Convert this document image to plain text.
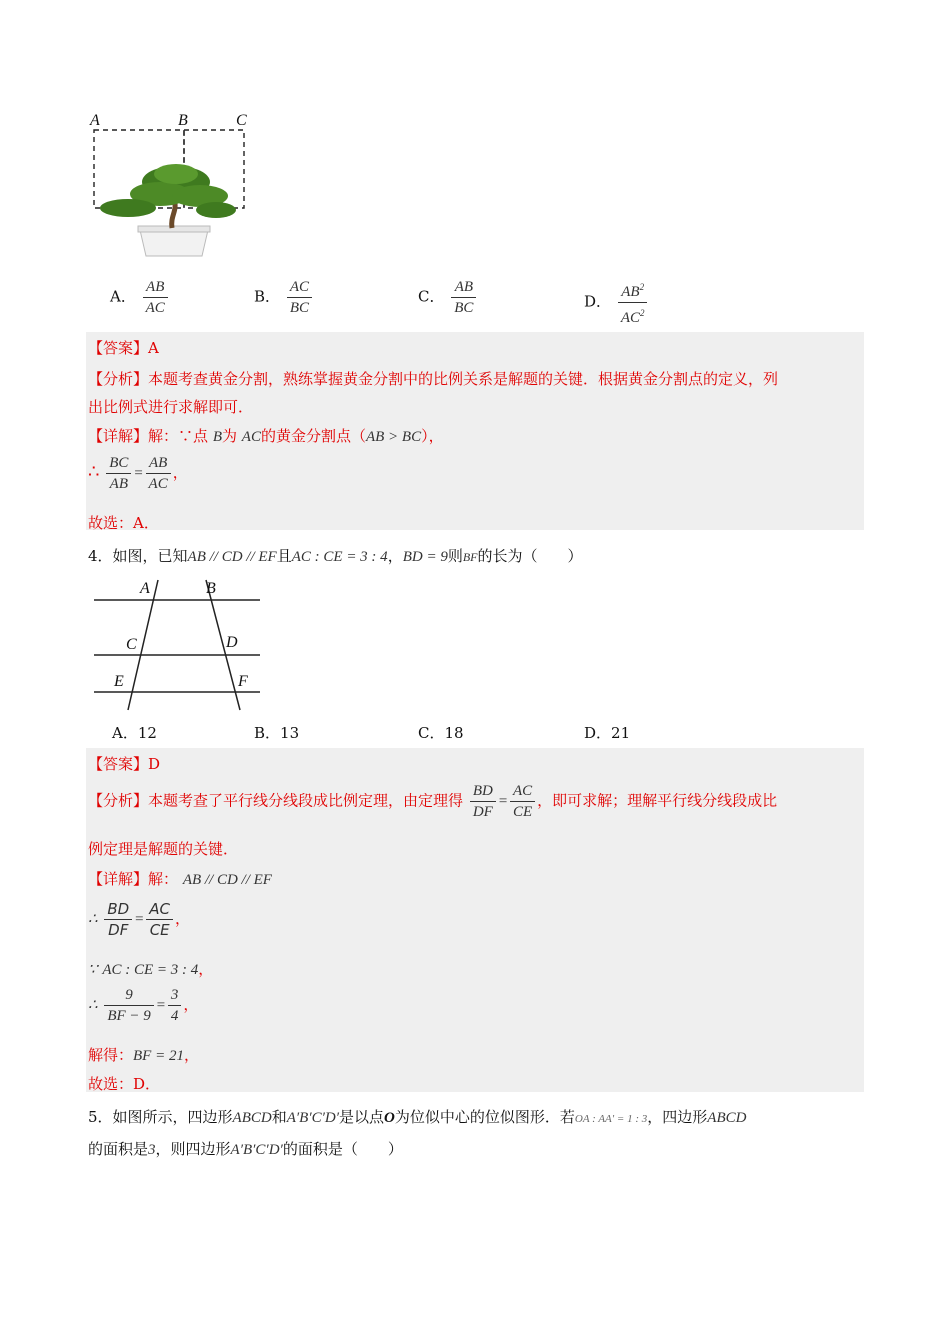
A	B	C
A． $\frac{AB}{AC}$	B． $\frac{AC}{BC}$	C． $\frac{AB}{BC}$	D． $\frac{AB^2}{AC^2}$
【答案】A
【分析】本题考查黄金分割，熟练掌握黄金分割中的比例关系是解题的关键．根据黄金分割点的定义，列
出比例式进行求解即可．
【详解】解：∵点 B为 AC的黄金分割点（AB > BC），
∴ $\frac{BC}{AB} = \frac{AB}{AC}$ ，
故选：A．
4．如图，已知AB // CD // EF且AC : CE = 3 : 4，BD = 9则BF的长为（　　）
A	B
C	D
E	F
A．12	B．13	C．18	D．21
【答案】D
【分析】本题考查了平行线分线段成比例定理，由定理得 $\frac{BD}{DF} = \frac{AC}{CE}$ ，即可求解；理解平行线分线段成比
例定理是解题的关键．
【详解】解： AB // CD // EF
∴ $\frac{BD}{DF} = \frac{AC}{CE}$ ，
∵ AC : CE = 3 : 4，
∴ $\frac{9}{BF - 9} = \frac{3}{4}$ ，
解得：BF = 21，
故选：D．
5．如图所示，四边形ABCD和A′B′C′D′是以点O为位似中心的位似图形．若OA : AA′ = 1 : 3，四边形ABCD
的面积是3，则四边形A′B′C′D′的面积是（　　）
